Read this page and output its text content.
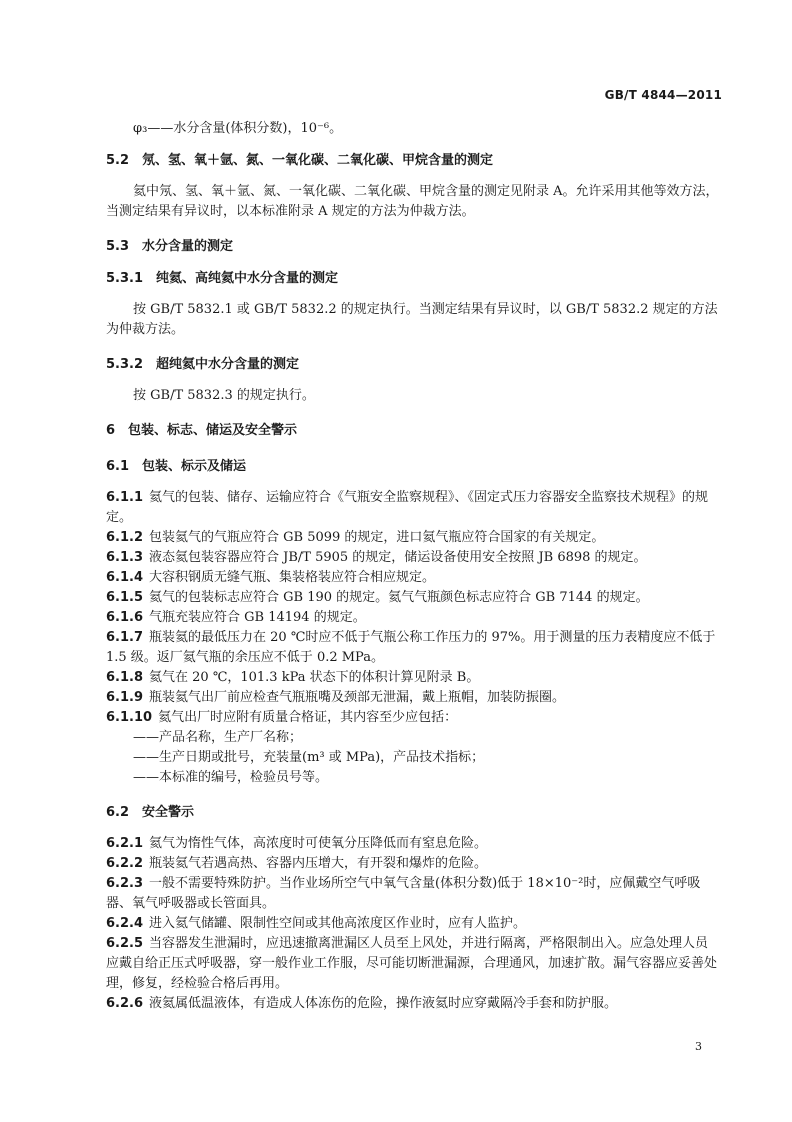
GB/T 4844—2011
φ₃——水分含量(体积分数)，10⁻⁶。
5.2　氖、氢、氧＋氩、氮、一氧化碳、二氧化碳、甲烷含量的测定
氦中氖、氢、氧＋氩、氮、一氧化碳、二氧化碳、甲烷含量的测定见附录 A。允许采用其他等效方法，当测定结果有异议时，以本标准附录 A 规定的方法为仲裁方法。
5.3　水分含量的测定
5.3.1　纯氦、高纯氦中水分含量的测定
按 GB/T 5832.1 或 GB/T 5832.2 的规定执行。当测定结果有异议时，以 GB/T 5832.2 规定的方法为仲裁方法。
5.3.2　超纯氦中水分含量的测定
按 GB/T 5832.3 的规定执行。
6　包装、标志、储运及安全警示
6.1　包装、标示及储运
6.1.1 氦气的包装、储存、运输应符合《气瓶安全监察规程》、《固定式压力容器安全监察技术规程》的规定。
6.1.2 包装氦气的气瓶应符合 GB 5099 的规定，进口氦气瓶应符合国家的有关规定。
6.1.3 液态氦包装容器应符合 JB/T 5905 的规定，储运设备使用安全按照 JB 6898 的规定。
6.1.4 大容积钢质无缝气瓶、集装格装应符合相应规定。
6.1.5 氦气的包装标志应符合 GB 190 的规定。氦气气瓶颜色标志应符合 GB 7144 的规定。
6.1.6 气瓶充装应符合 GB 14194 的规定。
6.1.7 瓶装氦的最低压力在 20 ℃时应不低于气瓶公称工作压力的 97%。用于测量的压力表精度应不低于 1.5 级。返厂氦气瓶的余压应不低于 0.2 MPa。
6.1.8 氦气在 20 ℃，101.3 kPa 状态下的体积计算见附录 B。
6.1.9 瓶装氦气出厂前应检查气瓶瓶嘴及颈部无泄漏，戴上瓶帽，加装防振圈。
6.1.10 氦气出厂时应附有质量合格证，其内容至少应包括：
——产品名称，生产厂名称；
——生产日期或批号，充装量(m³ 或 MPa)，产品技术指标；
——本标准的编号，检验员号等。
6.2　安全警示
6.2.1 氦气为惰性气体，高浓度时可使氧分压降低而有窒息危险。
6.2.2 瓶装氦气若遇高热、容器内压增大，有开裂和爆炸的危险。
6.2.3 一般不需要特殊防护。当作业场所空气中氧气含量(体积分数)低于 18×10⁻²时，应佩戴空气呼吸器、氧气呼吸器或长管面具。
6.2.4 进入氦气储罐、限制性空间或其他高浓度区作业时，应有人监护。
6.2.5 当容器发生泄漏时，应迅速撤离泄漏区人员至上风处，并进行隔离，严格限制出入。应急处理人员应戴自给正压式呼吸器，穿一般作业工作服，尽可能切断泄漏源，合理通风，加速扩散。漏气容器应妥善处理，修复，经检验合格后再用。
6.2.6 液氦属低温液体，有造成人体冻伤的危险，操作液氦时应穿戴隔冷手套和防护服。
3
